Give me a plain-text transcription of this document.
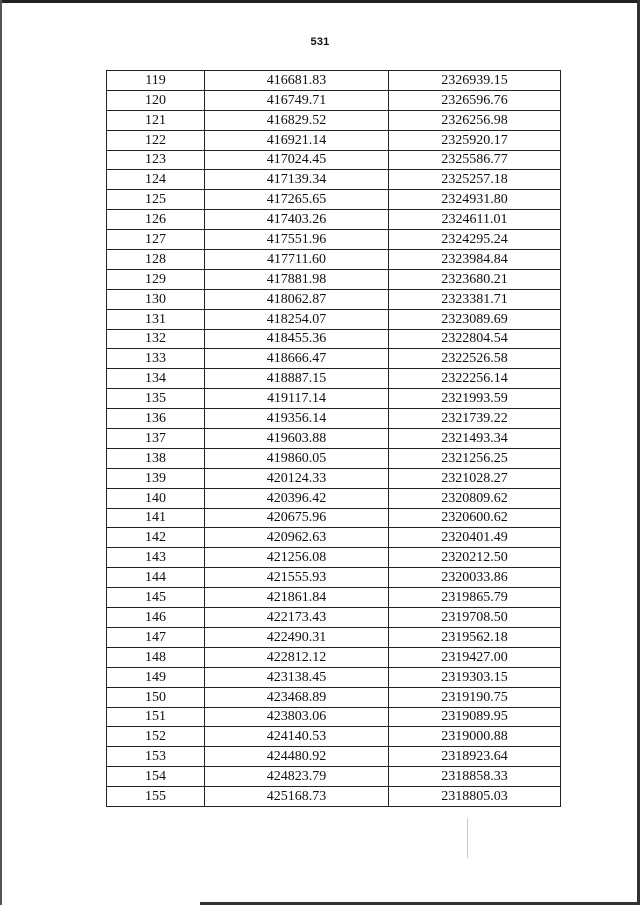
531
119	416681.83	2326939.15
120	416749.71	2326596.76
121	416829.52	2326256.98
122	416921.14	2325920.17
123	417024.45	2325586.77
124	417139.34	2325257.18
125	417265.65	2324931.80
126	417403.26	2324611.01
127	417551.96	2324295.24
128	417711.60	2323984.84
129	417881.98	2323680.21
130	418062.87	2323381.71
131	418254.07	2323089.69
132	418455.36	2322804.54
133	418666.47	2322526.58
134	418887.15	2322256.14
135	419117.14	2321993.59
136	419356.14	2321739.22
137	419603.88	2321493.34
138	419860.05	2321256.25
139	420124.33	2321028.27
140	420396.42	2320809.62
141	420675.96	2320600.62
142	420962.63	2320401.49
143	421256.08	2320212.50
144	421555.93	2320033.86
145	421861.84	2319865.79
146	422173.43	2319708.50
147	422490.31	2319562.18
148	422812.12	2319427.00
149	423138.45	2319303.15
150	423468.89	2319190.75
151	423803.06	2319089.95
152	424140.53	2319000.88
153	424480.92	2318923.64
154	424823.79	2318858.33
155	425168.73	2318805.03
